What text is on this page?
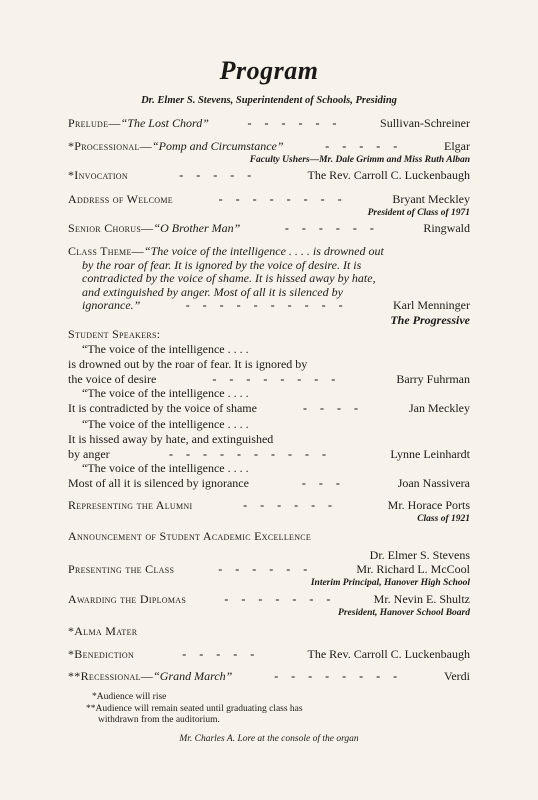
Program
Dr. Elmer S. Stevens, Superintendent of Schools, Presiding
Prelude—“The Lost Chord”	- - - - - -	Sullivan-Schreiner
*Processional—“Pomp and Circumstance”	- - - - -	Elgar
Faculty Ushers—Mr. Dale Grimm and Miss Ruth Alban
*Invocation	- - - - -	The Rev. Carroll C. Luckenbaugh
Address of Welcome	- - - - - - - -	Bryant Meckley
President of Class of 1971
Senior Chorus—“O Brother Man”	- - - - - -	Ringwald
Class Theme—“The voice of the intelligence . . . . is drowned out
by the roar of fear. It is ignored by the voice of desire. It is
contradicted by the voice of shame. It is hissed away by hate,
and extinguished by anger. Most of all it is silenced by
ignorance.”	- - - - - - - - - -	Karl Menninger
The Progressive
Student Speakers:
“The voice of the intelligence . . . .
is drowned out by the roar of fear. It is ignored by
the voice of desire	- - - - - - - -	Barry Fuhrman
“The voice of the intelligence . . . .
It is contradicted by the voice of shame	- - - -	Jan Meckley
“The voice of the intelligence . . . .
It is hissed away by hate, and extinguished
by anger	- - - - - - - - - -	Lynne Leinhardt
“The voice of the intelligence . . . .
Most of all it is silenced by ignorance	- - -	Joan Nassivera
Representing the Alumni	- - - - - -	Mr. Horace Ports
Class of 1921
Announcement of Student Academic Excellence
Dr. Elmer S. Stevens
Presenting the Class	- - - - - -	Mr. Richard L. McCool
Interim Principal, Hanover High School
Awarding the Diplomas	- - - - - - -	Mr. Nevin E. Shultz
President, Hanover School Board
*Alma Mater
*Benediction	- - - - -	The Rev. Carroll C. Luckenbaugh
**Recessional—“Grand March”	- - - - - - - -	Verdi
*Audience will rise
**Audience will remain seated until graduating class has
withdrawn from the auditorium.
Mr. Charles A. Lore at the console of the organ
